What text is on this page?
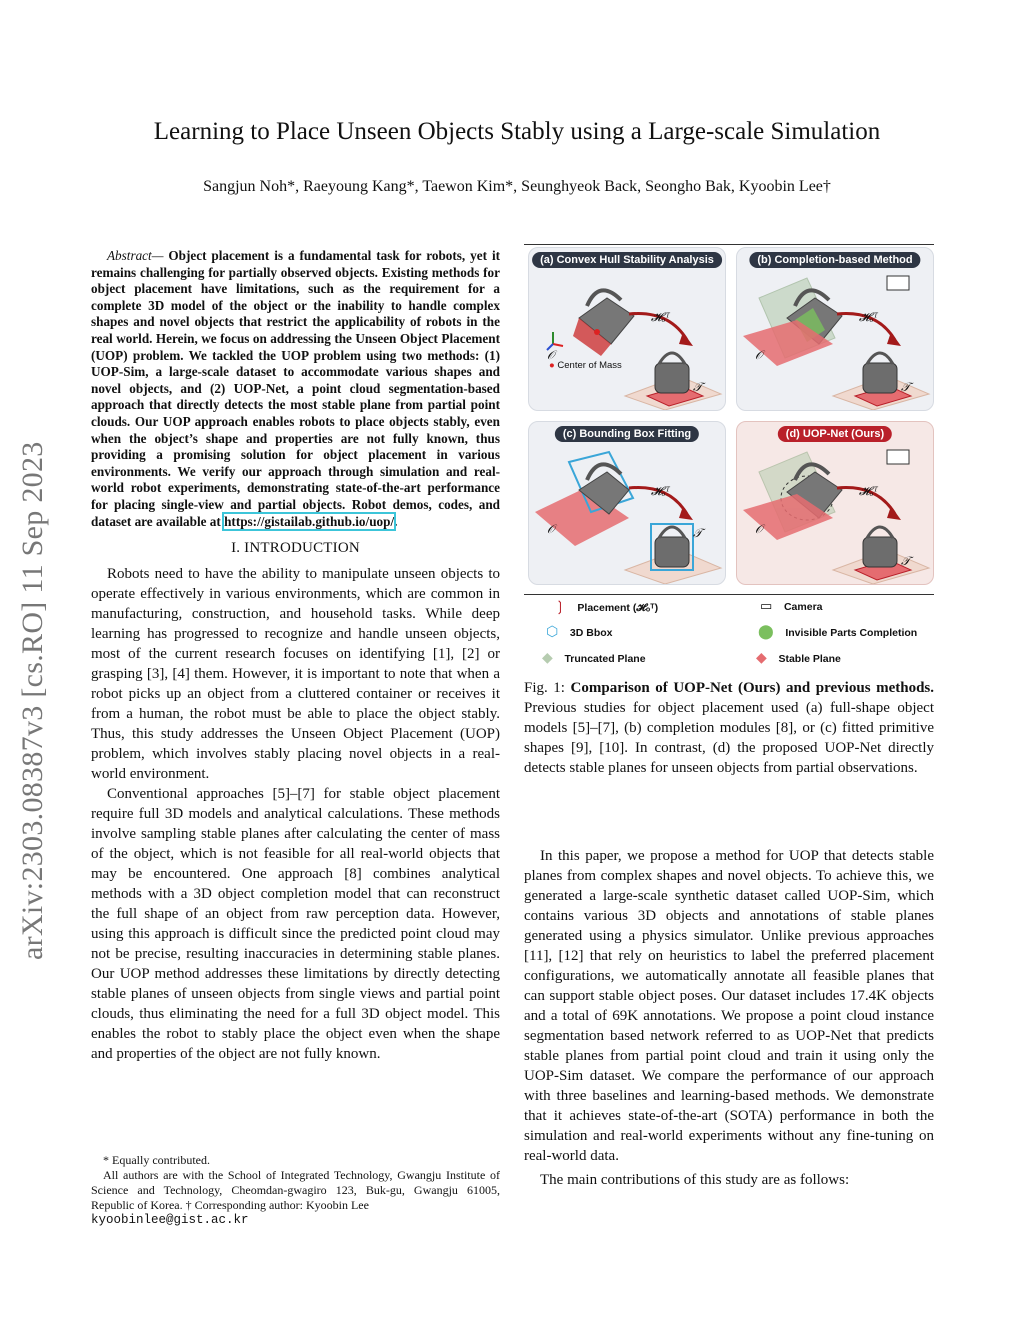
Learning to Place Unseen Objects Stably using a Large-scale Simulation
Sangjun Noh*, Raeyoung Kang*, Taewon Kim*, Seunghyeok Back, Seongho Bak, Kyoobin Lee†
arXiv:2303.08387v3 [cs.RO] 11 Sep 2023
Abstract— Object placement is a fundamental task for robots, yet it remains challenging for partially observed objects. Existing methods for object placement have limitations, such as the requirement for a complete 3D model of the object or the inability to handle complex shapes and novel objects that restrict the applicability of robots in the real world. Herein, we focus on addressing the Unseen Object Placement (UOP) problem. We tackled the UOP problem using two methods: (1) UOP-Sim, a large-scale dataset to accommodate various shapes and novel objects, and (2) UOP-Net, a point cloud segmentation-based approach that directly detects the most stable plane from partial point clouds. Our UOP approach enables robots to place objects stably, even when the object’s shape and properties are not fully known, thus providing a promising solution for object placement in various environments. We verify our approach through simulation and real-world robot experiments, demonstrating state-of-the-art performance for placing single-view and partial objects. Robot demos, codes, and dataset are available at https://gistailab.github.io/uop/.
I. INTRODUCTION

Robots need to have the ability to manipulate unseen objects to operate effectively in various environments, which are common in manufacturing, construction, and household tasks. While deep learning has progressed to recognize and handle unseen objects, most of the current research focuses on identifying [1], [2] or grasping [3], [4] them. However, it is important to note that when a robot picks up an object from a cluttered container or receives it from a human, the robot must be able to place the object stably. Thus, this study addresses the Unseen Object Placement (UOP) problem, which involves stably placing novel objects in a real-world environment.

Conventional approaches [5]–[7] for stable object placement require full 3D models and analytical calculations. These methods involve sampling stable planes after calculating the center of mass of the object, which is not feasible for all real-world objects that may be encountered. One approach [8] combines analytical methods with a 3D object completion model that can reconstruct the full shape of an object from raw perception data. However, using this approach is difficult since the predicted point cloud may not be precise, resulting inaccuracies in determining stable planes. Our UOP method addresses these limitations by directly detecting stable planes of unseen objects from single views and partial point clouds, thus eliminating the need for a full 3D object model. This enables the robot to stably place the object even when the shape and properties of the object are not fully known.

* Equally contributed.
All authors are with the School of Integrated Technology, Gwangju Institute of Science and Technology, Cheomdan-gwagiro 123, Buk-gu, Gwangju 61005, Republic of Korea. † Corresponding author: Kyoobin Lee
kyoobinlee@gist.ac.kr
(a) Convex Hull Stability Analysis
𝓗ₒᵀ
𝒪
𝒯
● Center of Mass
(b) Completion-based Method
𝓗ₒᵀ
𝒪
𝒯
(c) Bounding Box Fitting
𝓗ₒᵀ
𝒪	𝒯
(d) UOP-Net (Ours)
𝓗ₒᵀ
𝒪
𝒯
❳ Placement (𝓗ₒᵀ)	▭ Camera
⬡ 3D Bbox	⬤ Invisible Parts Completion
◆ Truncated Plane	◆ Stable Plane
Fig. 1: Comparison of UOP-Net (Ours) and previous methods. Previous studies for object placement used (a) full-shape object models [5]–[7], (b) completion modules [8], or (c) fitted primitive shapes [9], [10]. In contrast, (d) the proposed UOP-Net directly detects stable planes for unseen objects from partial observations.

In this paper, we propose a method for UOP that detects stable planes from complex shapes and novel objects. To achieve this, we generated a large-scale synthetic dataset called UOP-Sim, which contains various 3D objects and annotations of stable planes generated using a physics simulator. Unlike previous approaches [11], [12] that rely on heuristics to label the preferred placement configurations, we automatically annotate all feasible planes that can support stable object poses. Our dataset includes 17.4K objects and a total of 69K annotations. We propose a point cloud instance segmentation based network referred to as UOP-Net that predicts stable planes from partial point cloud and train it using only the UOP-Sim dataset. We compare the performance of our approach with three baselines and learning-based methods. We demonstrate that it achieves state-of-the-art (SOTA) performance in both the simulation and real-world experiments without any fine-tuning on real-world data.

The main contributions of this study are as follows:
